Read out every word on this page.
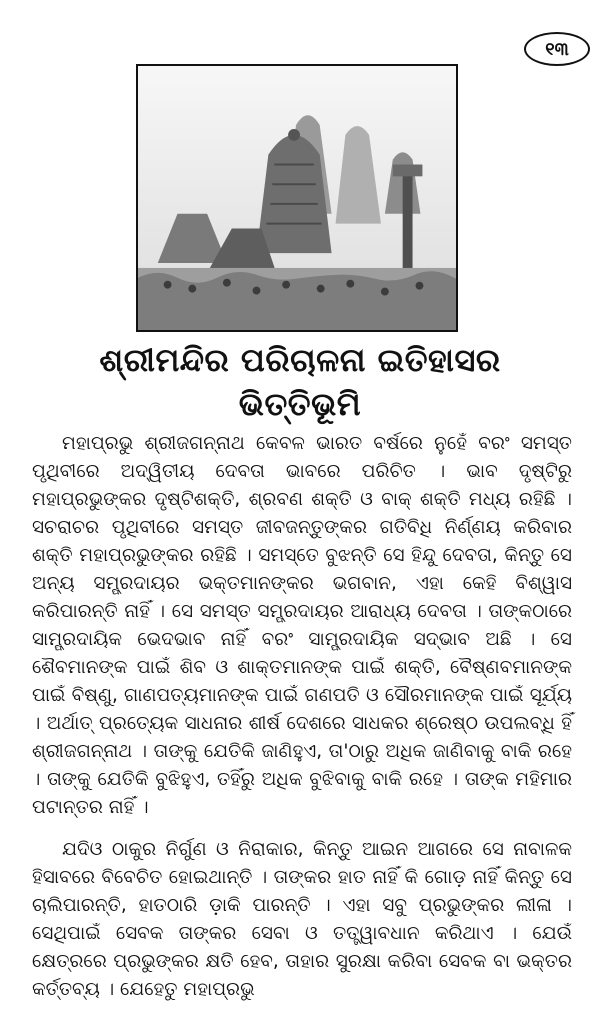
୧୩
ଶ୍ରୀମନ୍ଦିର ପରିଚାଳନା ଇତିହାସର
ଭିତ୍ତିଭୂମି

ମହାପ୍ରଭୁ ଶ୍ରୀଜଗନ୍ନାଥ କେବଳ ଭାରତ ବର୍ଷରେ ନୁହେଁ ବରଂ ସମସ୍ତ ପୃଥିବୀରେ ଅଦ୍ୱିତୀୟ ଦେବତା ଭାବରେ ପରିଚିତ । ଭାବ ଦୃଷ୍ଟିରୁ ମହାପ୍ରଭୁଙ୍କର ଦୃଷ୍ଟିଶକ୍ତି, ଶ୍ରବଣ ଶକ୍ତି ଓ ବାକ୍ ଶକ୍ତି ମଧ୍ୟ ରହିଛି । ସଚରାଚର ପୃଥିବୀରେ ସମସ୍ତ ଜୀବଜନ୍ତୁଙ୍କର ଗତିବିଧି ନିର୍ଣ୍ଣୟ କରିବାର ଶକ୍ତି ମହାପ୍ରଭୁଙ୍କର ରହିଛି । ସମସ୍ତେ ବୁଝନ୍ତି ସେ ହିନ୍ଦୁ ଦେବତା, କିନ୍ତୁ ସେ ଅନ୍ୟ ସମ୍ପ୍ରଦାୟର ଭକ୍ତମାନଙ୍କର ଭଗବାନ, ଏହା କେହି ବିଶ୍ୱାସ କରିପାରନ୍ତି ନାହିଁ । ସେ ସମସ୍ତ ସମ୍ପ୍ରଦାୟର ଆରାଧ୍ୟ ଦେବତା । ତାଙ୍କଠାରେ ସାମ୍ପ୍ରଦାୟିକ ଭେଦଭାବ ନାହିଁ ବରଂ ସାମ୍ପ୍ରଦାୟିକ ସଦ୍‌ଭାବ ଅଛି । ସେ ଶୈବମାନଙ୍କ ପାଇଁ ଶିବ ଓ ଶାକ୍ତମାନଙ୍କ ପାଇଁ ଶକ୍ତି, ବୈଷ୍ଣବମାନଙ୍କ ପାଇଁ ବିଷ୍ଣୁ, ଗାଣପତ୍ୟମାନଙ୍କ ପାଇଁ ଗଣପତି ଓ ସୌରମାନଙ୍କ ପାଇଁ ସୂର୍ଯ୍ୟ । ଅର୍ଥାତ୍ ପ୍ରତ୍ୟେକ ସାଧନାର ଶୀର୍ଷ ଦେଶରେ ସାଧକର ଶ୍ରେଷ୍ଠ ଉପଲବ୍ଧି ହିଁ ଶ୍ରୀଜଗନ୍ନାଥ । ତାଙ୍କୁ ଯେତିକି ଜାଣିହୁଏ, ତା'ଠାରୁ ଅଧିକ ଜାଣିବାକୁ ବାକି ରହେ । ତାଙ୍କୁ ଯେତିକି ବୁଝିହୁଏ, ତହିଁରୁ ଅଧିକ ବୁଝିବାକୁ ବାକି ରହେ । ତାଙ୍କ ମହିମାର ପଟାନ୍ତର ନାହିଁ ।

ଯଦିଓ ଠାକୁର ନିର୍ଗୁଣ ଓ ନିରାକାର, କିନ୍ତୁ ଆଇନ ଆଗରେ ସେ ନାବାଳକ ହିସାବରେ ବିବେଚିତ ହୋଇଥାନ୍ତି । ତାଙ୍କର ହାତ ନାହିଁ କି ଗୋଡ଼ ନାହିଁ କିନ୍ତୁ ସେ ଚାଲିପାରନ୍ତି, ହାତଠାରି ଡ଼ାକି ପାରନ୍ତି । ଏହା ସବୁ ପ୍ରଭୁଙ୍କର ଲୀଳା । ସେଥିପାଇଁ ସେବକ ତାଙ୍କର ସେବା ଓ ତତ୍ତ୍ୱାବଧାନ କରିଥାଏ । ଯେଉଁ କ୍ଷେତ୍ରରେ ପ୍ରଭୁଙ୍କର କ୍ଷତି ହେବ, ତାହାର ସୁରକ୍ଷା କରିବା ସେବକ ବା ଭକ୍ତର କର୍ତ୍ତବ୍ୟ । ଯେହେତୁ ମହାପ୍ରଭୁ
